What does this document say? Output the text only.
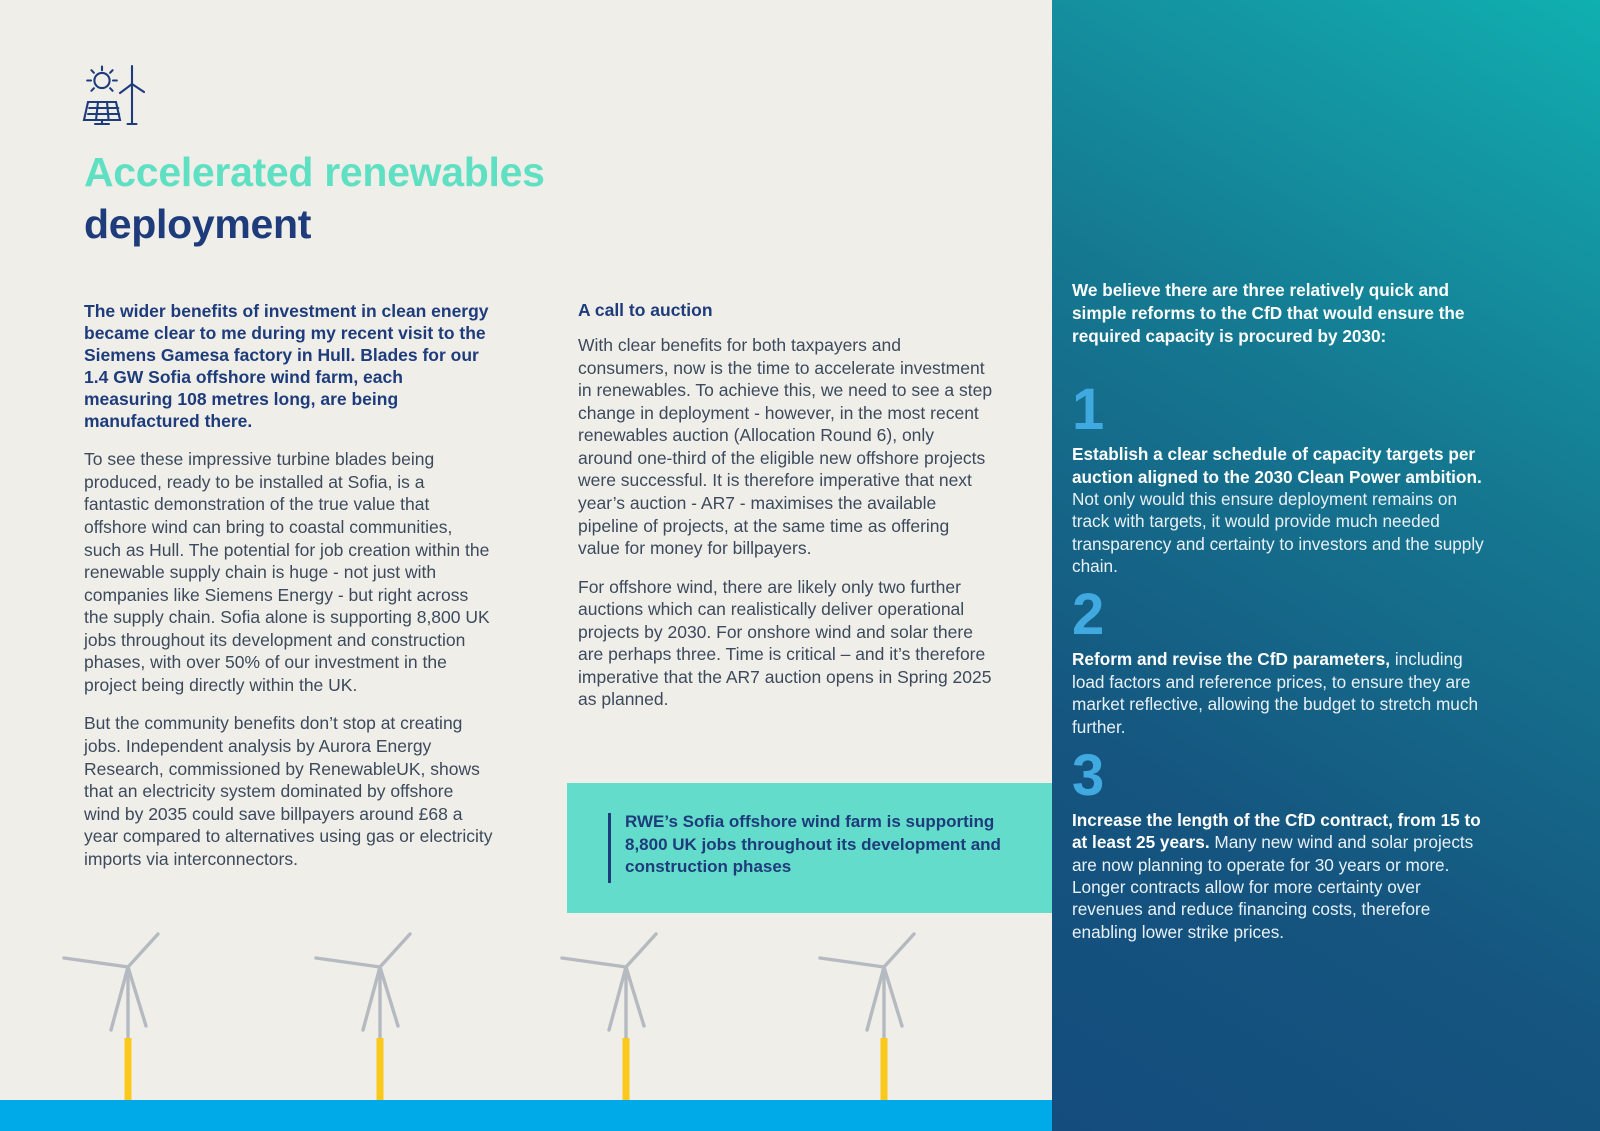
Accelerated renewables
deployment

The wider benefits of investment in clean energy became clear to me during my recent visit to the Siemens Gamesa factory in Hull. Blades for our 1.4 GW Sofia offshore wind farm, each measuring 108 metres long, are being manufactured there.

To see these impressive turbine blades being produced, ready to be installed at Sofia, is a fantastic demonstration of the true value that offshore wind can bring to coastal communities, such as Hull. The potential for job creation within the renewable supply chain is huge - not just with companies like Siemens Energy - but right across the supply chain. Sofia alone is supporting 8,800 UK jobs throughout its development and construction phases, with over 50% of our investment in the project being directly within the UK.

But the community benefits don’t stop at creating jobs. Independent analysis by Aurora Energy Research, commissioned by RenewableUK, shows that an electricity system dominated by offshore wind by 2035 could save billpayers around £68 a year compared to alternatives using gas or electricity imports via interconnectors.

A call to auction

With clear benefits for both taxpayers and consumers, now is the time to accelerate investment in renewables. To achieve this, we need to see a step change in deployment - however, in the most recent renewables auction (Allocation Round 6), only around one-third of the eligible new offshore projects were successful. It is therefore imperative that next year’s auction - AR7 - maximises the available pipeline of projects, at the same time as offering value for money for billpayers.

For offshore wind, there are likely only two further auctions which can realistically deliver operational projects by 2030. For onshore wind and solar there are perhaps three. Time is critical – and it’s therefore imperative that the AR7 auction opens in Spring 2025 as planned.

RWE’s Sofia offshore wind farm is supporting 8,800 UK jobs throughout its development and construction phases

We believe there are three relatively quick and simple reforms to the CfD that would ensure the required capacity is procured by 2030:

1

Establish a clear schedule of capacity targets per auction aligned to the 2030 Clean Power ambition. Not only would this ensure deployment remains on track with targets, it would provide much needed transparency and certainty to investors and the supply chain.

2

Reform and revise the CfD parameters, including load factors and reference prices, to ensure they are market reflective, allowing the budget to stretch much further.

3

Increase the length of the CfD contract, from 15 to at least 25 years. Many new wind and solar projects are now planning to operate for 30 years or more. Longer contracts allow for more certainty over revenues and reduce financing costs, therefore enabling lower strike prices.
